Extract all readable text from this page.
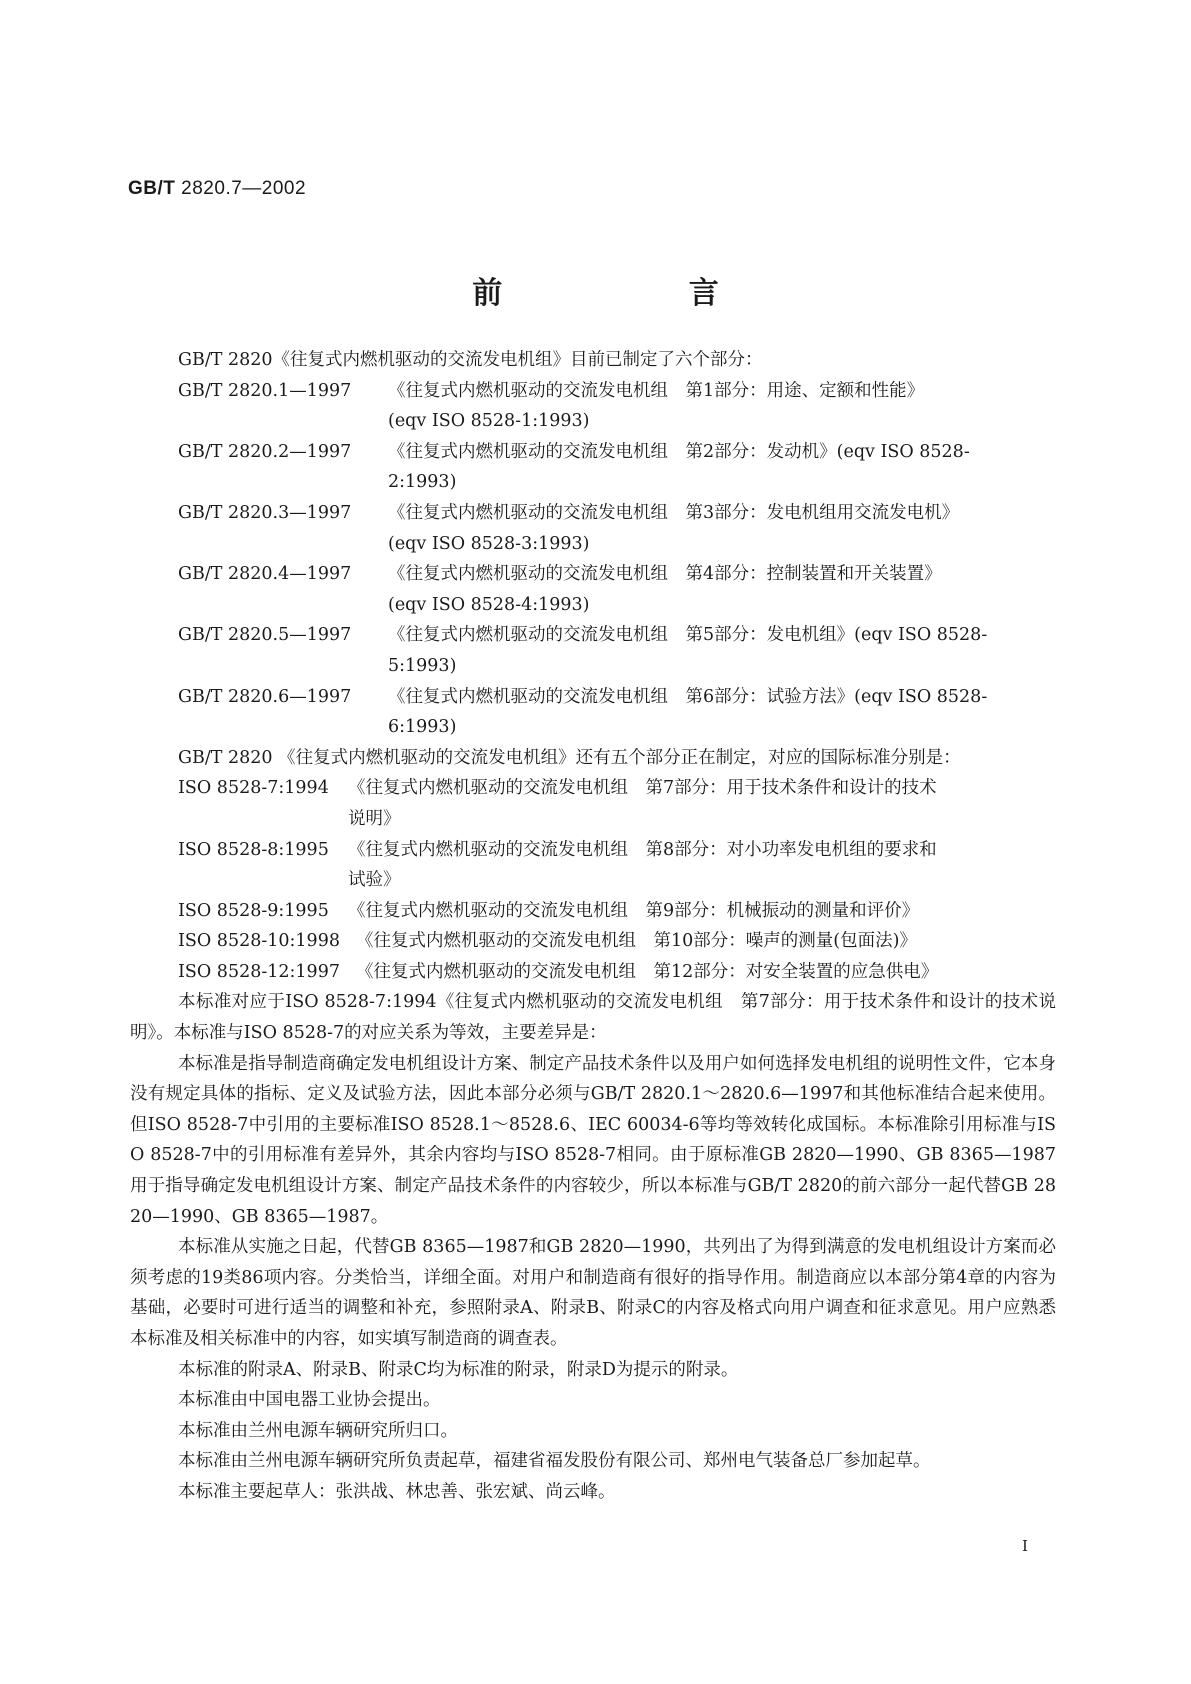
GB/T 2820.7—2002
前 言

GB/T 2820《往复式内燃机驱动的交流发电机组》目前已制定了六个部分：

GB/T 2820.1—1997	《往复式内燃机驱动的交流发电机组　第1部分：用途、定额和性能》
(eqv ISO 8528-1:1993)
GB/T 2820.2—1997	《往复式内燃机驱动的交流发电机组　第2部分：发动机》(eqv ISO 8528-
2:1993)
GB/T 2820.3—1997	《往复式内燃机驱动的交流发电机组　第3部分：发电机组用交流发电机》
(eqv ISO 8528-3:1993)
GB/T 2820.4—1997	《往复式内燃机驱动的交流发电机组　第4部分：控制装置和开关装置》
(eqv ISO 8528-4:1993)
GB/T 2820.5—1997	《往复式内燃机驱动的交流发电机组　第5部分：发电机组》(eqv ISO 8528-
5:1993)
GB/T 2820.6—1997	《往复式内燃机驱动的交流发电机组　第6部分：试验方法》(eqv ISO 8528-
6:1993)

GB/T 2820 《往复式内燃机驱动的交流发电机组》还有五个部分正在制定，对应的国际标准分别是：

ISO 8528-7:1994	《往复式内燃机驱动的交流发电机组　第7部分：用于技术条件和设计的技术
说明》
ISO 8528-8:1995	《往复式内燃机驱动的交流发电机组　第8部分：对小功率发电机组的要求和
试验》
ISO 8528-9:1995	《往复式内燃机驱动的交流发电机组　第9部分：机械振动的测量和评价》
ISO 8528-10:1998 《往复式内燃机驱动的交流发电机组　第10部分：噪声的测量(包面法)》
ISO 8528-12:1997 《往复式内燃机驱动的交流发电机组　第12部分：对安全装置的应急供电》

本标准对应于ISO 8528-7:1994《往复式内燃机驱动的交流发电机组　第7部分：用于技术条件和设计的技术说明》。本标准与ISO 8528-7的对应关系为等效，主要差异是：

本标准是指导制造商确定发电机组设计方案、制定产品技术条件以及用户如何选择发电机组的说明性文件，它本身没有规定具体的指标、定义及试验方法，因此本部分必须与GB/T 2820.1～2820.6—1997和其他标准结合起来使用。但ISO 8528-7中引用的主要标准ISO 8528.1～8528.6、IEC 60034-6等均等效转化成国标。本标准除引用标准与ISO 8528-7中的引用标准有差异外，其余内容均与ISO 8528-7相同。由于原标准GB 2820—1990、GB 8365—1987用于指导确定发电机组设计方案、制定产品技术条件的内容较少，所以本标准与GB/T 2820的前六部分一起代替GB 2820—1990、GB 8365—1987。

本标准从实施之日起，代替GB 8365—1987和GB 2820—1990，共列出了为得到满意的发电机组设计方案而必须考虑的19类86项内容。分类恰当，详细全面。对用户和制造商有很好的指导作用。制造商应以本部分第4章的内容为基础，必要时可进行适当的调整和补充，参照附录A、附录B、附录C的内容及格式向用户调查和征求意见。用户应熟悉本标准及相关标准中的内容，如实填写制造商的调查表。

本标准的附录A、附录B、附录C均为标准的附录，附录D为提示的附录。

本标准由中国电器工业协会提出。

本标准由兰州电源车辆研究所归口。

本标准由兰州电源车辆研究所负责起草，福建省福发股份有限公司、郑州电气装备总厂参加起草。

本标准主要起草人：张洪战、林忠善、张宏斌、尚云峰。

I
